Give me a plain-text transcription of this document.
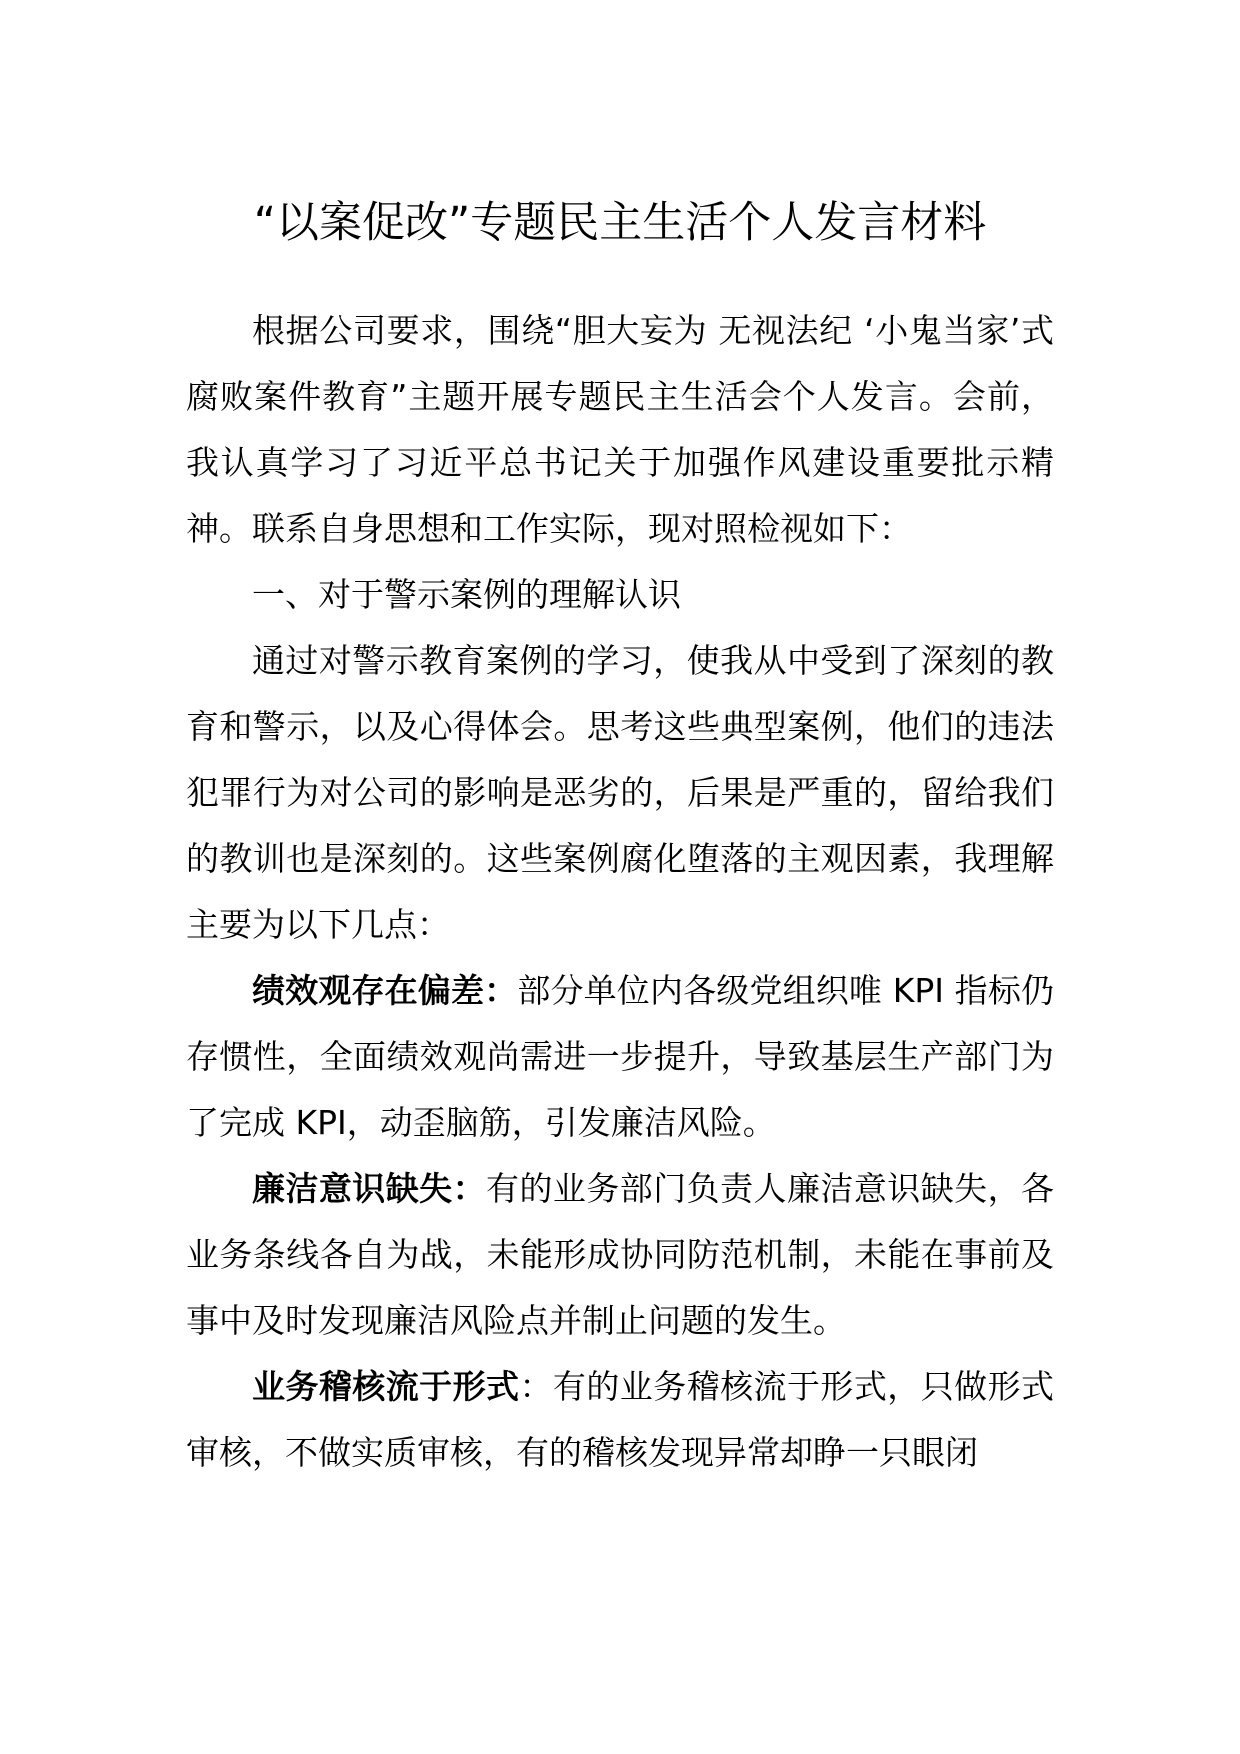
“以案促改”专题民主生活个人发言材料

根据公司要求，围绕“胆大妄为 无视法纪 ‘小鬼当家’式腐败案件教育”主题开展专题民主生活会个人发言。会前，我认真学习了习近平总书记关于加强作风建设重要批示精神。联系自身思想和工作实际，现对照检视如下：

一、对于警示案例的理解认识

通过对警示教育案例的学习，使我从中受到了深刻的教育和警示，以及心得体会。思考这些典型案例，他们的违法犯罪行为对公司的影响是恶劣的，后果是严重的，留给我们的教训也是深刻的。这些案例腐化堕落的主观因素，我理解主要为以下几点：

绩效观存在偏差：部分单位内各级党组织唯 KPI 指标仍存惯性，全面绩效观尚需进一步提升，导致基层生产部门为了完成 KPI，动歪脑筋，引发廉洁风险。

廉洁意识缺失：有的业务部门负责人廉洁意识缺失，各业务条线各自为战，未能形成协同防范机制，未能在事前及事中及时发现廉洁风险点并制止问题的发生。

业务稽核流于形式：有的业务稽核流于形式，只做形式审核，不做实质审核，有的稽核发现异常却睁一只眼闭
